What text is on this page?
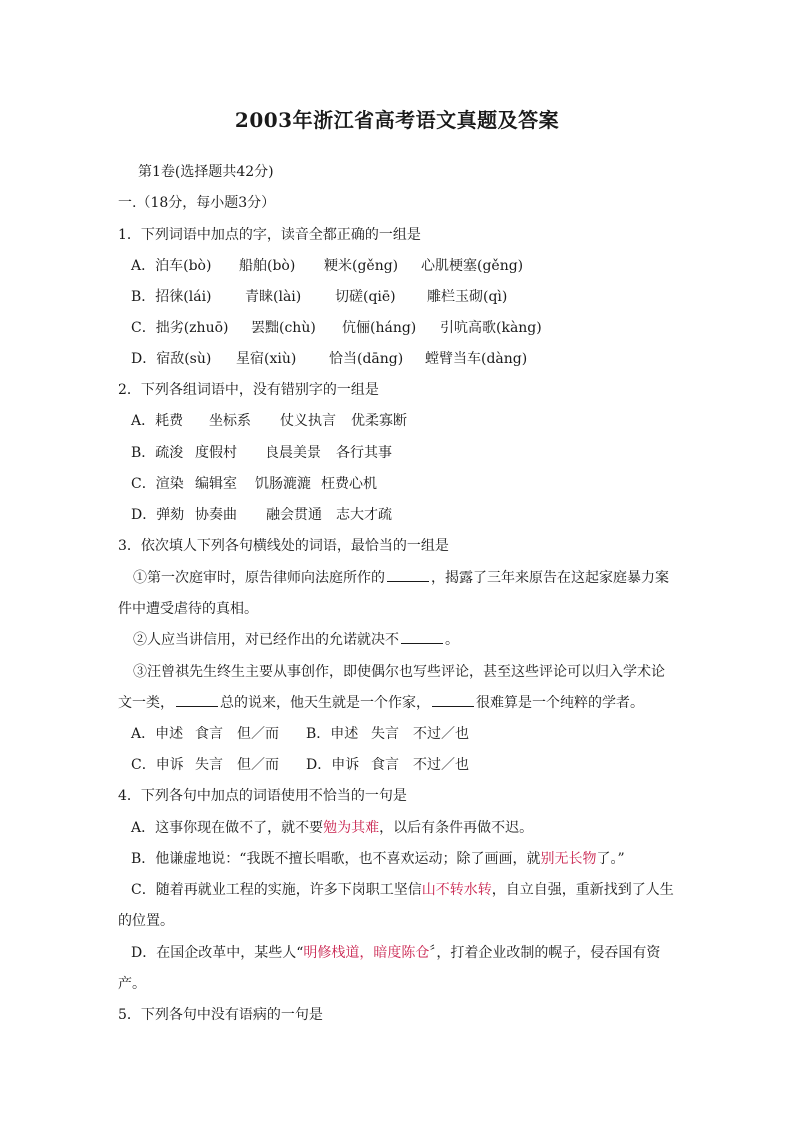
2003年浙江省高考语文真题及答案
第1卷(选择题共42分)
一.（18分，每小题3分）
1．下列词语中加点的字，读音全都正确的一组是
A．泊车(bò) 船舶(bò) 粳米(gěng) 心肌梗塞(gěng)
B．招徕(lái) 青睐(lài) 切磋(qiē) 雕栏玉砌(qì)
C．拙劣(zhuō) 罢黜(chù) 伉俪(háng) 引吭高歌(kàng)
D．宿敌(sù) 星宿(xiù) 恰当(dāng) 螳臂当车(dàng)
2．下列各组词语中，没有错别字的一组是
A．耗费 坐标系 仗义执言 优柔寡断
B．疏浚 度假村 良晨美景 各行其事
C．渲染 编辑室 饥肠漉漉 枉费心机
D．弹劾 协奏曲 融会贯通 志大才疏
3．依次填人下列各句横线处的词语，最恰当的一组是
①第一次庭审时，原告律师向法庭所作的	，揭露了三年来原告在这起家庭暴力案
件中遭受虐待的真相。
②人应当讲信用，对已经作出的允诺就决不	。
③汪曾祺先生终生主要从事创作，即使偶尔也写些评论，甚至这些评论可以归入学术论
文一类，	总的说来，他天生就是一个作家，	很难算是一个纯粹的学者。
A．申述 食言 但／而 B．申述 失言 不过／也
C．申诉 失言 但／而 D．申诉 食言 不过／也
4．下列各句中加点的词语使用不恰当的一句是
A．这事你现在做不了，就不要勉为其难，以后有条件再做不迟。
B．他谦虚地说：“我既不擅长唱歌，也不喜欢运动；除了画画，就别无长物了。”
C．随着再就业工程的实施，许多下岗职工坚信山不转水转，自立自强，重新找到了人生
的位置。
D．在国企改革中，某些人“明修栈道，暗度陈仓〞，打着企业改制的幌子，侵吞国有资
产。
5．下列各句中没有语病的一句是
